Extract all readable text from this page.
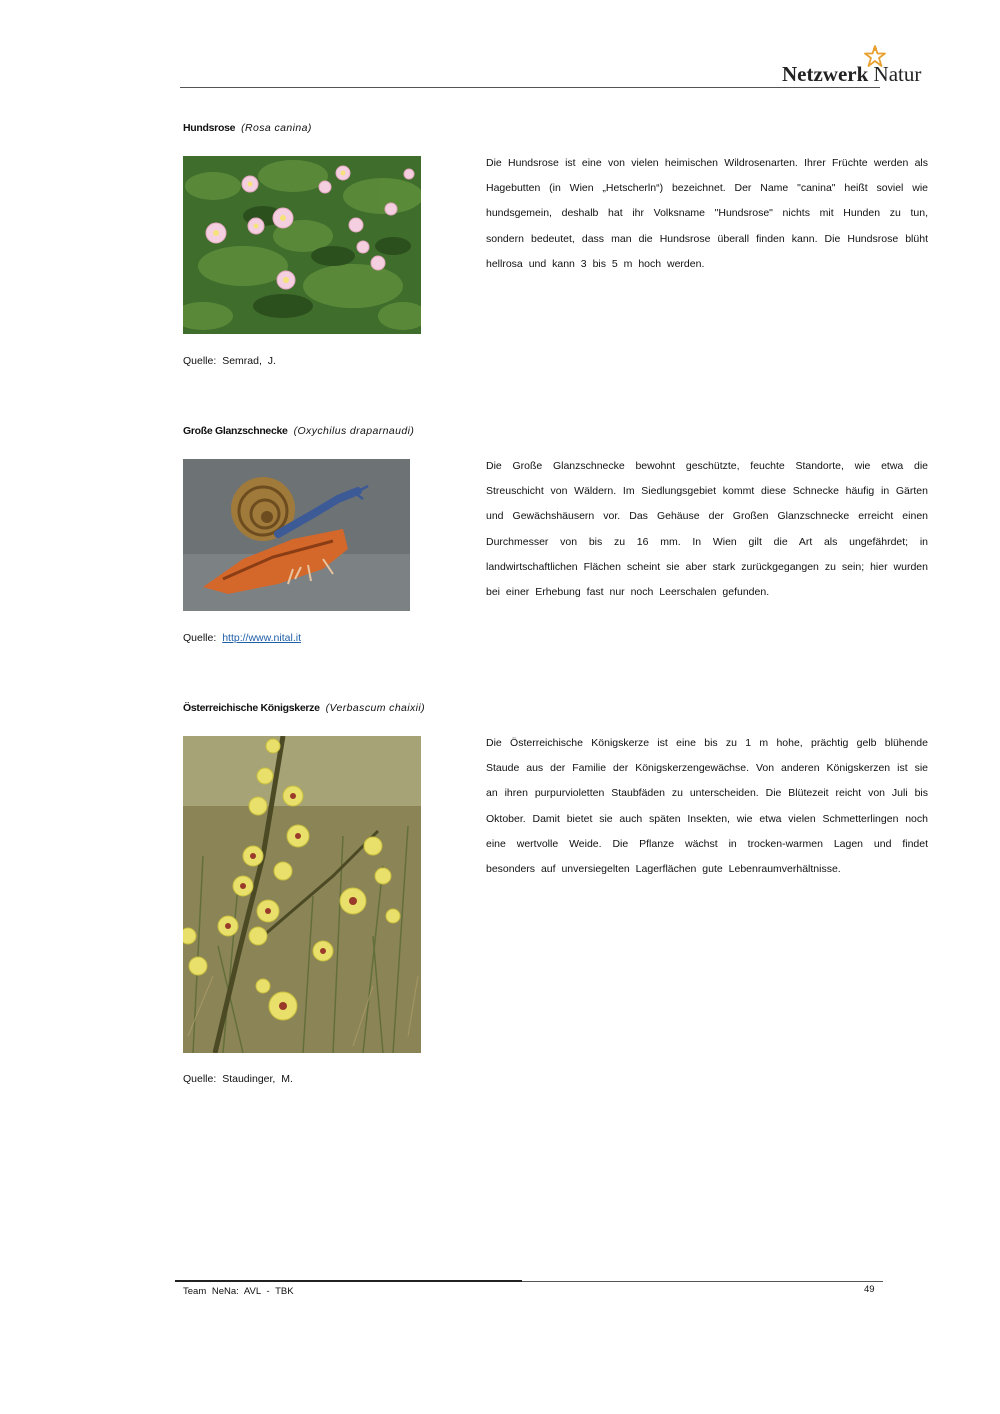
Netzwerk Natur
Hundsrose (Rosa canina)

Die Hundsrose ist eine von vielen heimischen Wildrosenarten. Ihrer Früchte werden als Hagebutten (in Wien „Hetscherln“) bezeichnet. Der Name "canina" heißt soviel wie hundsgemein, deshalb hat ihr Volksname "Hundsrose" nichts mit Hunden zu tun, sondern bedeutet, dass man die Hundsrose überall finden kann. Die Hundsrose blüht hellrosa und kann 3 bis 5 m hoch werden.

Quelle: Semrad, J.
Große Glanzschnecke (Oxychilus draparnaudi)

Die Große Glanzschnecke bewohnt geschützte, feuchte Standorte, wie etwa die Streuschicht von Wäldern. Im Siedlungsgebiet kommt diese Schnecke häufig in Gärten und Gewächshäusern vor. Das Gehäuse der Großen Glanzschnecke erreicht einen Durchmesser von bis zu 16 mm. In Wien gilt die Art als ungefährdet; in landwirtschaftlichen Flächen scheint sie aber stark zurückgegangen zu sein; hier wurden bei einer Erhebung fast nur noch Leerschalen gefunden.

Quelle: http://www.nital.it
Österreichische Königskerze (Verbascum chaixii)

Die Österreichische Königskerze ist eine bis zu 1 m hohe, prächtig gelb blühende Staude aus der Familie der Königskerzengewächse. Von anderen Königskerzen ist sie an ihren purpurvioletten Staubfäden zu unterscheiden. Die Blütezeit reicht von Juli bis Oktober. Damit bietet sie auch späten Insekten, wie etwa vielen Schmetterlingen noch eine wertvolle Weide. Die Pflanze wächst in trocken-warmen Lagen und findet besonders auf unversiegelten Lagerflächen gute Lebenraumverhältnisse.

Quelle: Staudinger, M.
Team NeNa: AVL - TBK	49
